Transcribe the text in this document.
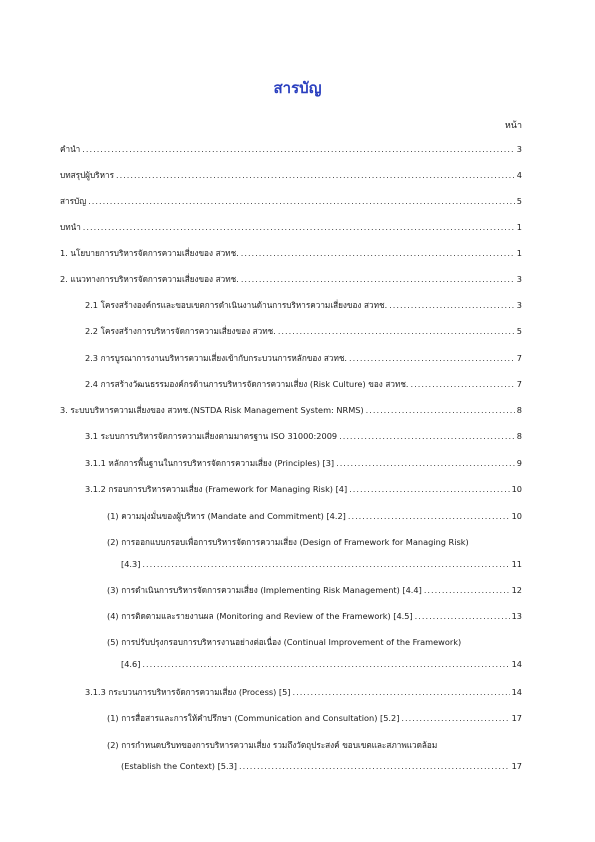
สารบัญ
หน้า
คำนำ .....	3
บทสรุปผู้บริหาร .....	4
สารบัญ .....	5
บทนำ .....	1
1. นโยบายการบริหารจัดการความเสี่ยงของ สวทช. .....	1
2. แนวทางการบริหารจัดการความเสี่ยงของ สวทช. .....	3
2.1 โครงสร้างองค์กรและขอบเขตการดำเนินงานด้านการบริหารความเสี่ยงของ สวทช. .....	3
2.2 โครงสร้างการบริหารจัดการความเสี่ยงของ สวทช. .....	5
2.3 การบูรณาการงานบริหารความเสี่ยงเข้ากับกระบวนการหลักของ สวทช. .....	7
2.4 การสร้างวัฒนธรรมองค์กรด้านการบริหารจัดการความเสี่ยง (Risk Culture) ของ สวทช. .....	7
3. ระบบบริหารความเสี่ยงของ สวทช.(NSTDA Risk Management System: NRMS) .....	8
3.1 ระบบการบริหารจัดการความเสี่ยงตามมาตรฐาน ISO 31000:2009 .....	8
3.1.1 หลักการพื้นฐานในการบริหารจัดการความเสี่ยง (Principles) [3] .....	9
3.1.2 กรอบการบริหารความเสี่ยง (Framework for Managing Risk) [4] .....	10
(1) ความมุ่งมั่นของผู้บริหาร (Mandate and Commitment) [4.2] .....	10
(2) การออกแบบกรอบเพื่อการบริหารจัดการความเสี่ยง (Design of Framework for Managing Risk)
[4.3] .....	11
(3) การดำเนินการบริหารจัดการความเสี่ยง (Implementing Risk Management) [4.4] .....	12
(4) การติดตามและรายงานผล (Monitoring and Review of the Framework) [4.5] .....	13
(5) การปรับปรุงกรอบการบริหารงานอย่างต่อเนื่อง (Continual Improvement of the Framework)
[4.6] .....	14
3.1.3 กระบวนการบริหารจัดการความเสี่ยง (Process) [5] .....	14
(1) การสื่อสารและการให้คำปรึกษา (Communication and Consultation) [5.2] .....	17
(2) การกำหนดบริบทของการบริหารความเสี่ยง รวมถึงวัตถุประสงค์ ขอบเขตและสภาพแวดล้อม
(Establish the Context) [5.3] .....	17
